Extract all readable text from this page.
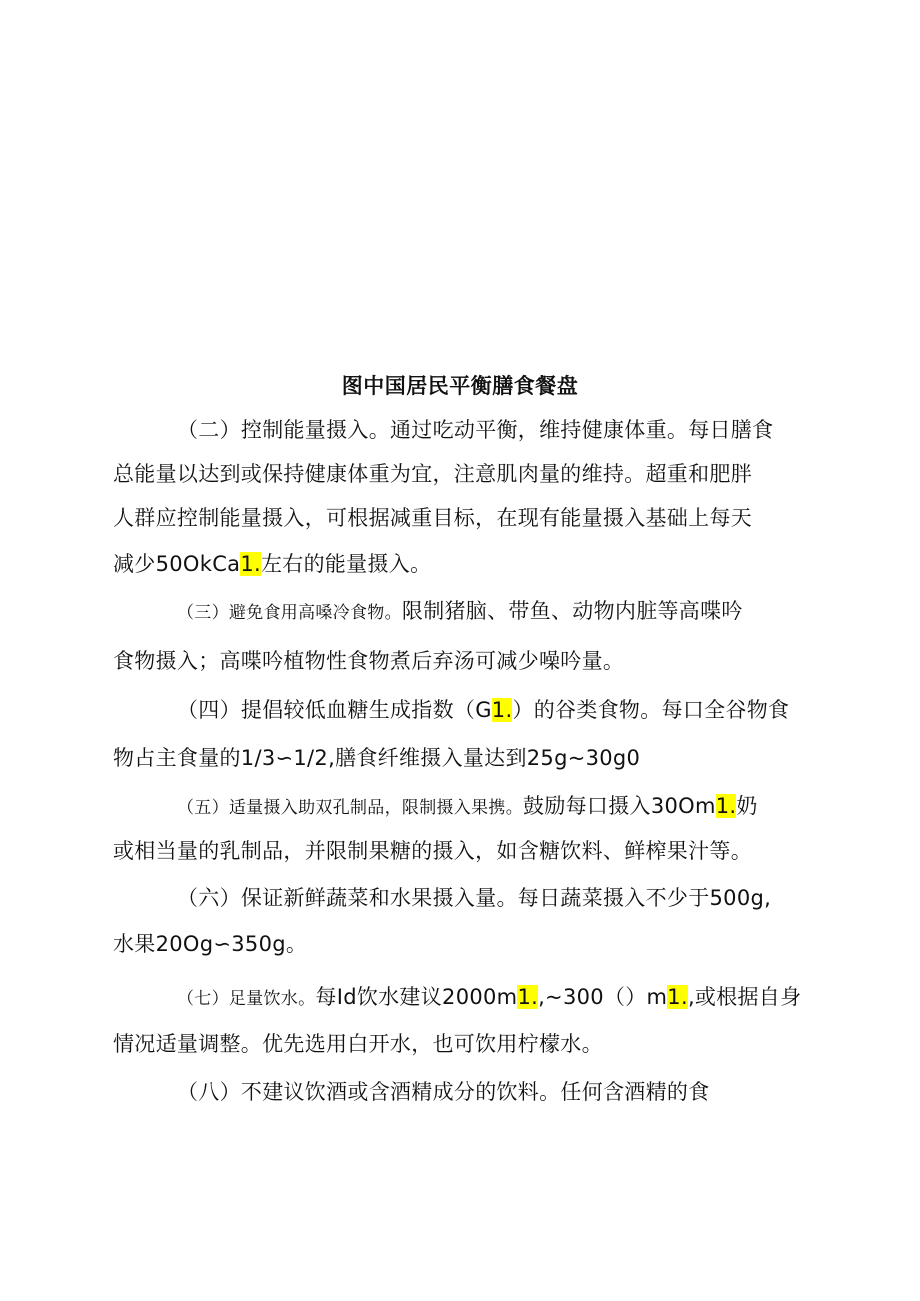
图中国居民平衡膳食餐盘
（二）控制能量摄入。通过吃动平衡，维持健康体重。每日膳食
总能量以达到或保持健康体重为宜，注意肌肉量的维持。超重和肥胖
人群应控制能量摄入，可根据减重目标，在现有能量摄入基础上每天
减少50OkCa1.左右的能量摄入。
（三）避免食用高嗓冷食物。限制猪脑、带鱼、动物内脏等高喋吟
食物摄入；高喋吟植物性食物煮后弃汤可减少噪吟量。
（四）提倡较低血糖生成指数（G1.）的谷类食物。每口全谷物食
物占主食量的1/3∽1/2,膳食纤维摄入量达到25g~30g0
（五）适量摄入助双孔制品，限制摄入果携。鼓励每口摄入30Om1.奶
或相当量的乳制品，并限制果糖的摄入，如含糖饮料、鲜榨果汁等。
（六）保证新鲜蔬菜和水果摄入量。每日蔬菜摄入不少于500g,
水果20Og∽350g。
（七）足量饮水。每Id饮水建议2000m1.,~300（）m1.,或根据自身
情况适量调整。优先选用白开水，也可饮用柠檬水。
（八）不建议饮酒或含酒精成分的饮料。任何含酒精的食
